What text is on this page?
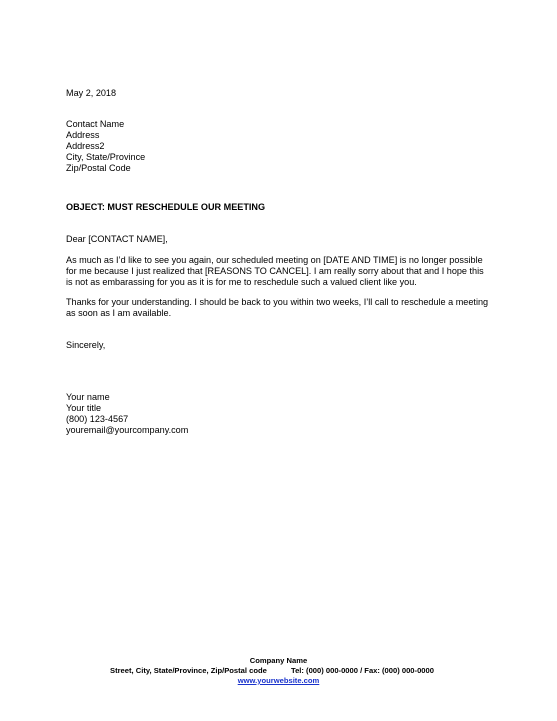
May 2, 2018
Contact Name
Address
Address2
City, State/Province
Zip/Postal Code
OBJECT: MUST RESCHEDULE OUR MEETING
Dear [CONTACT NAME],
As much as I’d like to see you again, our scheduled meeting on [DATE AND TIME] is no longer possible
for me because I just realized that [REASONS TO CANCEL]. I am really sorry about that and I hope this
is not as embarassing for you as it is for me to reschedule such a valued client like you.
Thanks for your understanding. I should be back to you within two weeks, I’ll call to reschedule a meeting
as soon as I am available.
Sincerely,
Your name
Your title
(800) 123-4567
youremail@yourcompany.com
Company Name
Street, City, State/Province, Zip/Postal code	Tel: (000) 000-0000 / Fax: (000) 000-0000
www.yourwebsite.com
